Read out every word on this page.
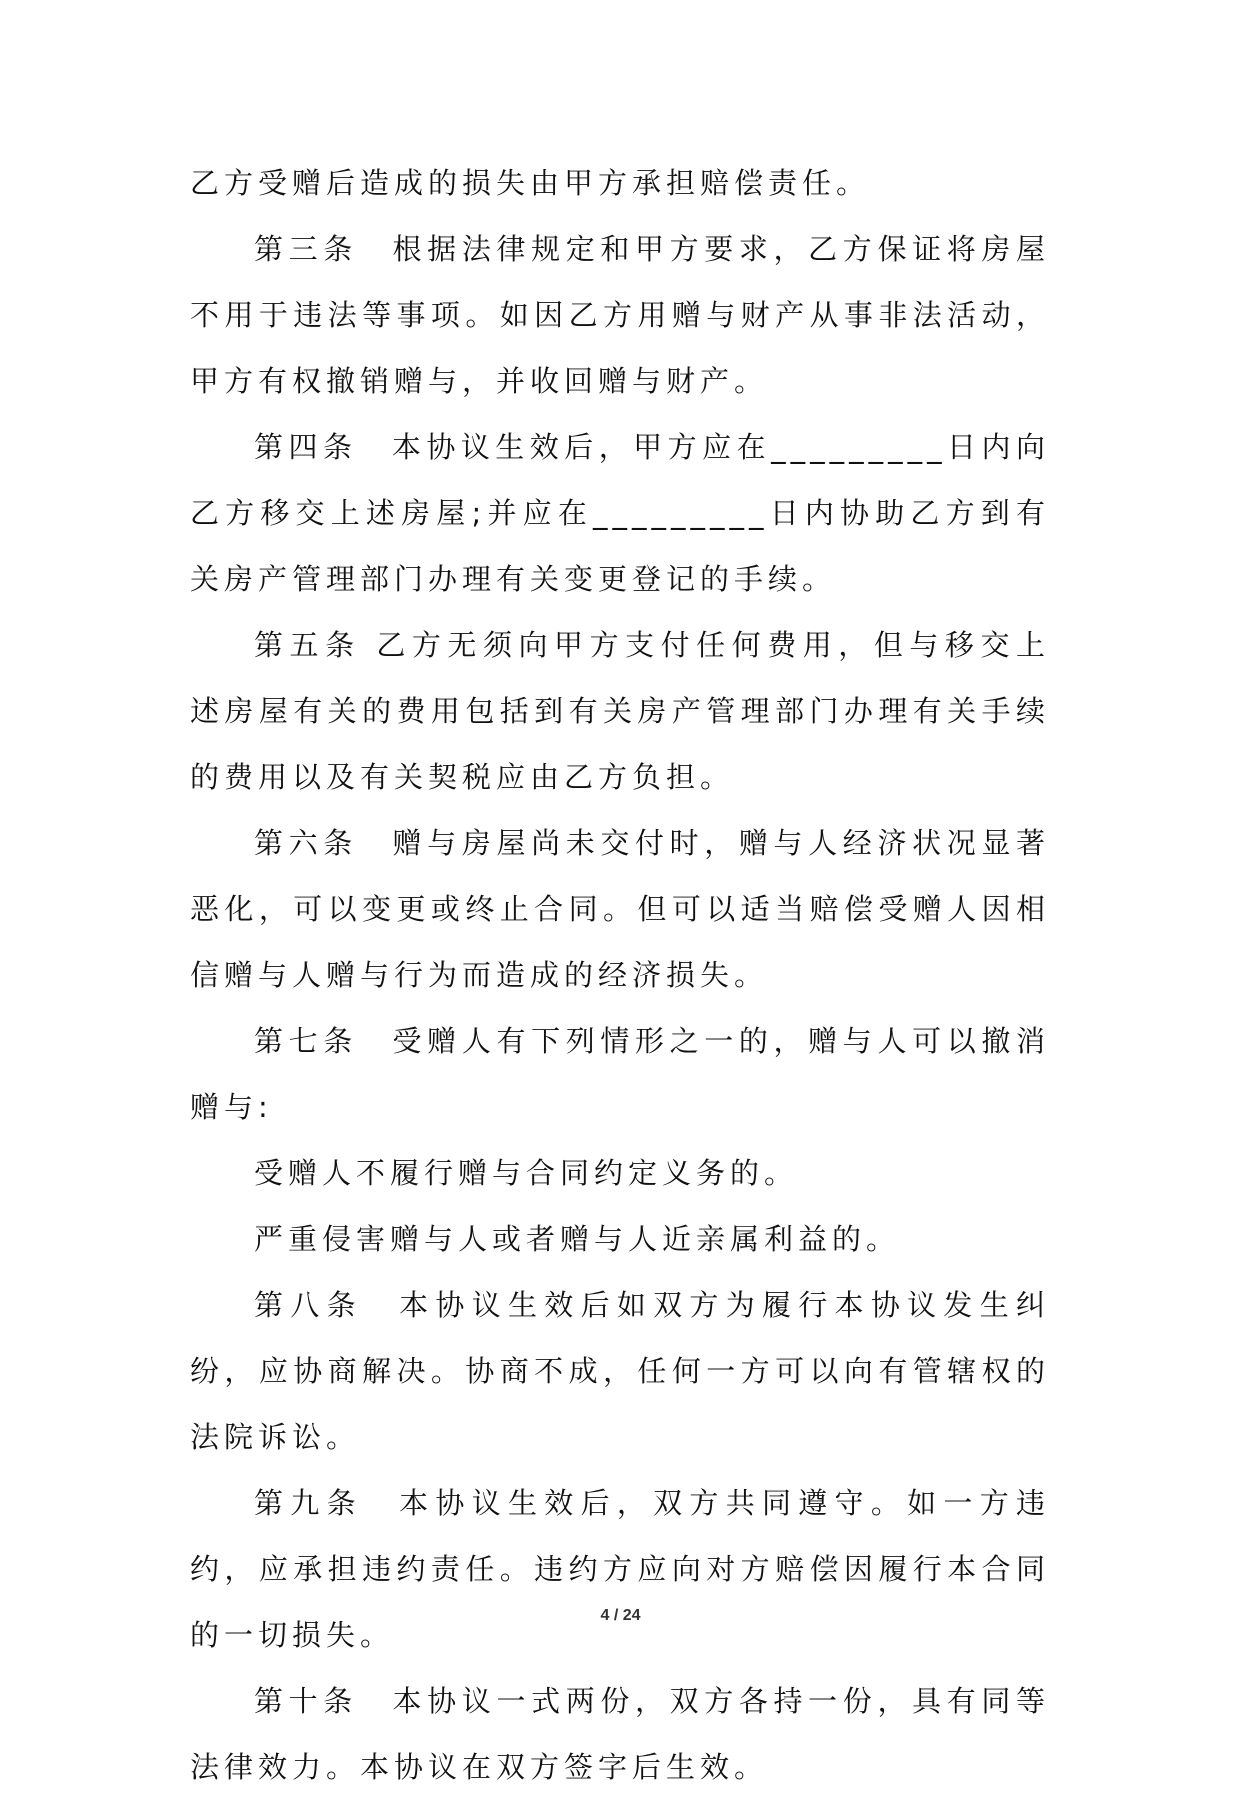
乙方受赠后造成的损失由甲方承担赔偿责任。

第三条　根据法律规定和甲方要求，乙方保证将房屋不用于违法等事项。如因乙方用赠与财产从事非法活动，甲方有权撤销赠与，并收回赠与财产。

第四条　本协议生效后，甲方应在_________日内向乙方移交上述房屋;并应在_________日内协助乙方到有关房产管理部门办理有关变更登记的手续。

第五条 乙方无须向甲方支付任何费用，但与移交上述房屋有关的费用包括到有关房产管理部门办理有关手续的费用以及有关契税应由乙方负担。

第六条　赠与房屋尚未交付时，赠与人经济状况显著恶化，可以变更或终止合同。但可以适当赔偿受赠人因相信赠与人赠与行为而造成的经济损失。

第七条　受赠人有下列情形之一的，赠与人可以撤消赠与:

受赠人不履行赠与合同约定义务的。

严重侵害赠与人或者赠与人近亲属利益的。

第八条　本协议生效后如双方为履行本协议发生纠纷，应协商解决。协商不成，任何一方可以向有管辖权的法院诉讼。

第九条　本协议生效后，双方共同遵守。如一方违约，应承担违约责任。违约方应向对方赔偿因履行本合同的一切损失。

第十条　本协议一式两份，双方各持一份，具有同等法律效力。本协议在双方签字后生效。

4 / 24
